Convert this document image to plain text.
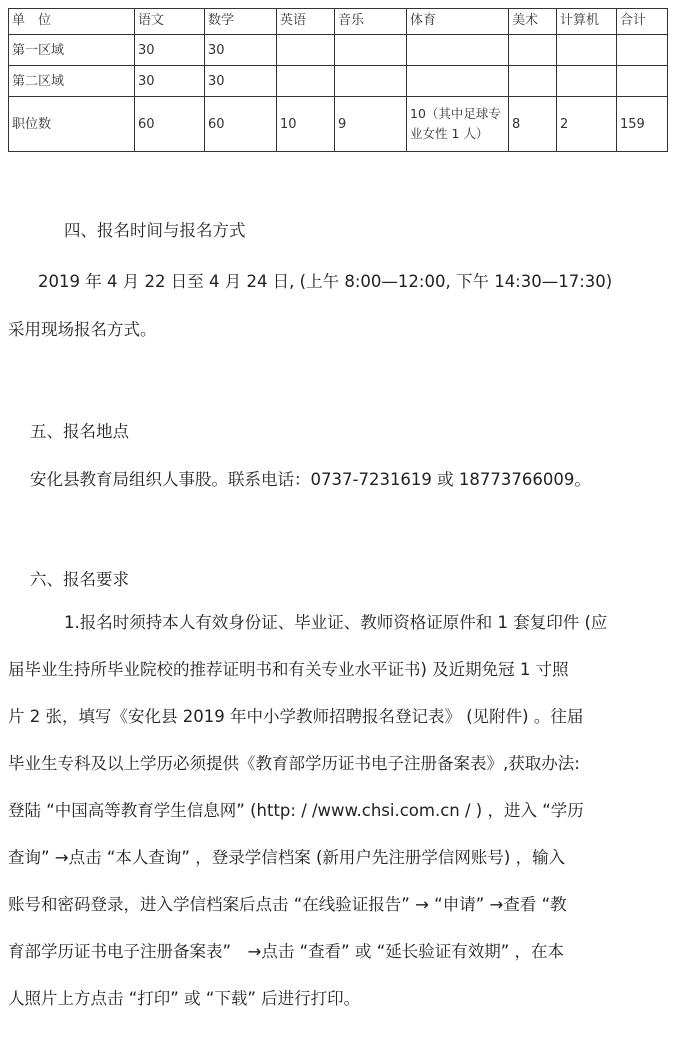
单　位	语文	数学	英语	音乐	体育	美术	计算机	合计
第一区域	30	30						
第二区域	30	30						
职位数	60	60	10	9	10（其中足球专业女性 1 人）	8	2	159

四、报名时间与报名方式

2019 年 4 月 22 日至 4 月 24 日, (上午 8:00—12:00, 下午 14:30—17:30)

采用现场报名方式。

五、报名地点

安化县教育局组织人事股。联系电话：0737-7231619 或 18773766009。

六、报名要求

1.报名时须持本人有效身份证、毕业证、教师资格证原件和 1 套复印件 (应
届毕业生持所毕业院校的推荐证明书和有关专业水平证书) 及近期免冠 1 寸照
片 2 张，填写《安化县 2019 年中小学教师招聘报名登记表》 (见附件) 。往届
毕业生专科及以上学历必须提供《教育部学历证书电子注册备案表》,获取办法:
登陆 “中国高等教育学生信息网” (http: / /www.chsi.com.cn / ) ，进入 “学历
查询” →点击 “本人查询” ，登录学信档案 (新用户先注册学信网账号) ，输入
账号和密码登录，进入学信档案后点击 “在线验证报告” → “申请” →查看 “教
育部学历证书电子注册备案表”　→点击 “查看” 或 “延长验证有效期” ，在本
人照片上方点击 “打印” 或 “下载” 后进行打印。
